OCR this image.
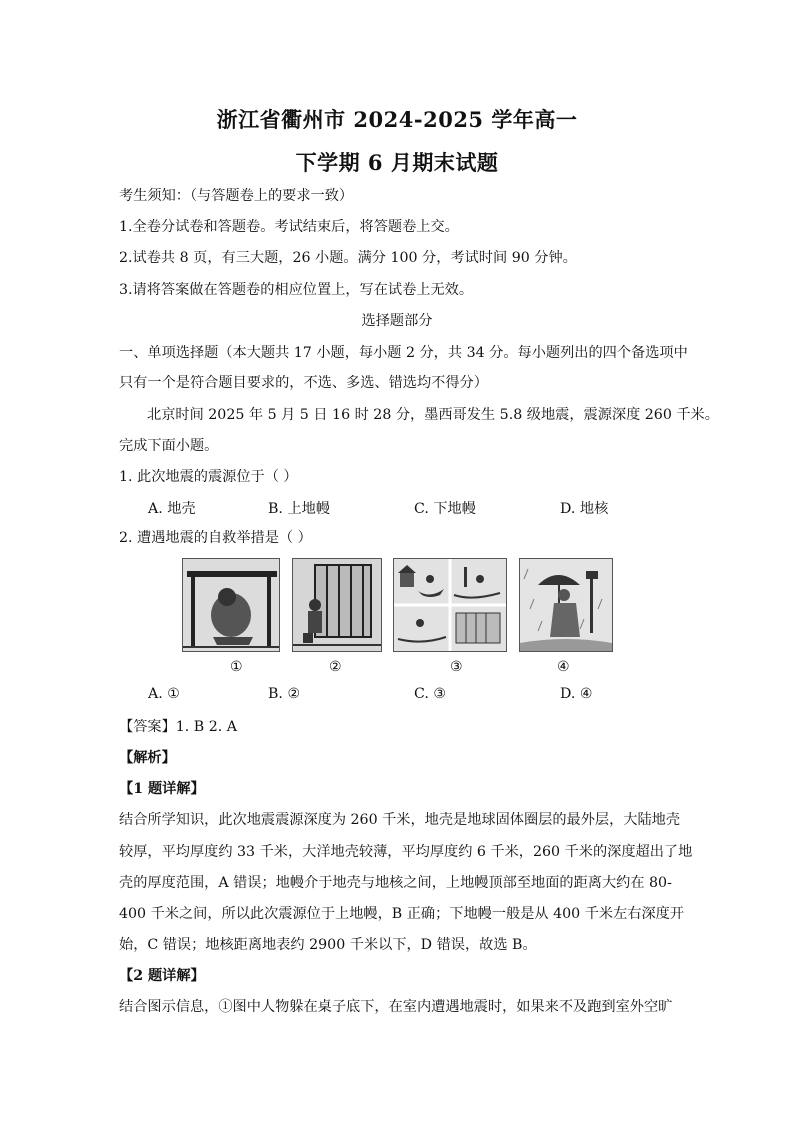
浙江省衢州市 2024-2025 学年高一
下学期 6 月期末试题
考生须知：（与答题卷上的要求一致）
1.全卷分试卷和答题卷。考试结束后，将答题卷上交。
2.试卷共 8 页，有三大题，26 小题。满分 100 分，考试时间 90 分钟。
3.请将答案做在答题卷的相应位置上，写在试卷上无效。
选择题部分
一、单项选择题（本大题共 17 小题，每小题 2 分，共 34 分。每小题列出的四个备选项中
只有一个是符合题目要求的，不选、多选、错选均不得分）
北京时间 2025 年 5 月 5 日 16 时 28 分，墨西哥发生 5.8 级地震，震源深度 260 千米。
完成下面小题。
1. 此次地震的震源位于（ ）
A. 地壳	B. 上地幔	C. 下地幔	D. 地核
2. 遭遇地震的自救举措是（ ）
①	②	③	④
A. ①	B. ②	C. ③	D. ④
【答案】1. B 2. A
【解析】
【1 题详解】
结合所学知识，此次地震震源深度为 260 千米，地壳是地球固体圈层的最外层，大陆地壳
较厚，平均厚度约 33 千米，大洋地壳较薄，平均厚度约 6 千米，260 千米的深度超出了地
壳的厚度范围，A 错误；地幔介于地壳与地核之间，上地幔顶部至地面的距离大约在 80-
400 千米之间，所以此次震源位于上地幔，B 正确；下地幔一般是从 400 千米左右深度开
始，C 错误；地核距离地表约 2900 千米以下，D 错误，故选 B。
【2 题详解】
结合图示信息，①图中人物躲在桌子底下，在室内遭遇地震时，如果来不及跑到室外空旷
